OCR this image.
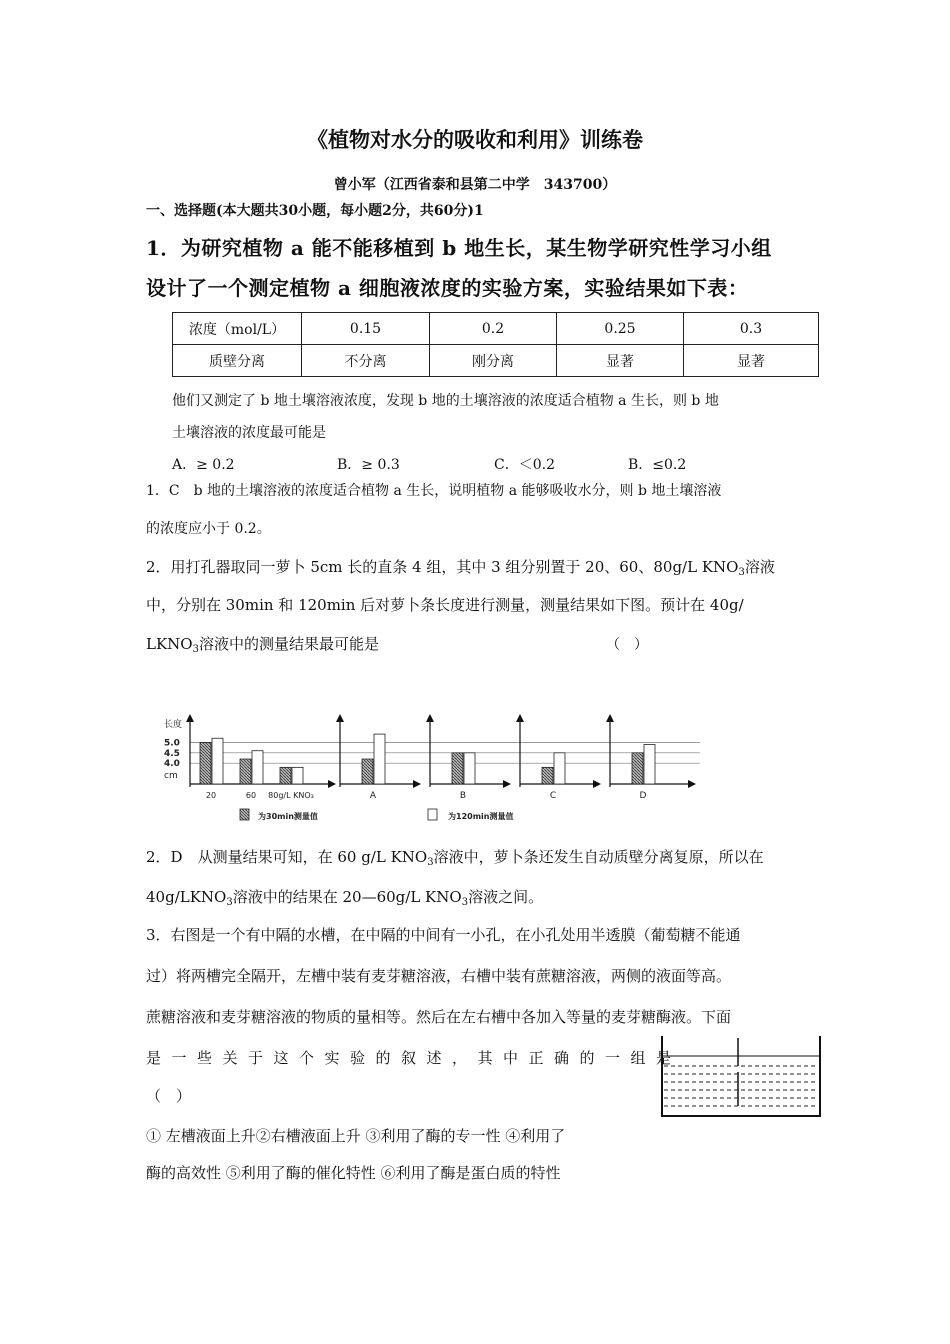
《植物对水分的吸收和利用》训练卷
曾小军（江西省泰和县第二中学　343700）
一、选择题(本大题共30小题，每小题2分，共60分)1
1．为研究植物 a 能不能移植到 b 地生长，某生物学研究性学习小组
设计了一个测定植物 a 细胞液浓度的实验方案，实验结果如下表：
浓度（mol/L）	0.15	0.2	0.25	0.3
质壁分离	不分离	刚分离	显著	显著
他们又测定了 b 地土壤溶液浓度，发现 b 地的土壤溶液的浓度适合植物 a 生长，则 b 地
土壤溶液的浓度最可能是
A．≥ 0.2	B．≥ 0.3	C．＜0.2	B．≤0.2
1．C　b 地的土壤溶液的浓度适合植物 a 生长，说明植物 a 能够吸收水分，则 b 地土壤溶液
的浓度应小于 0.2。
2．用打孔器取同一萝卜 5cm 长的直条 4 组，其中 3 组分别置于 20、60、80g/L $KNO_3$溶液
中，分别在 30min 和 120min 后对萝卜条长度进行测量，测量结果如下图。预计在 40g/
$LKNO_3$溶液中的测量结果最可能是	（　）
长度
5.0
4.5
4.0
cm
20	60 80g/L KNO₃	A	B	C	D
为30min测量值	为120min测量值
2．D　从测量结果可知，在 60 g/L $KNO_3$溶液中，萝卜条还发生自动质壁分离复原，所以在
$40g/LKNO_3$溶液中的结果在 20—60g/L $KNO_3$溶液之间。
3．右图是一个有中隔的水槽，在中隔的中间有一小孔，在小孔处用半透膜（葡萄糖不能通
过）将两槽完全隔开，左槽中装有麦芽糖溶液，右槽中装有蔗糖溶液，两侧的液面等高。
蔗糖溶液和麦芽糖溶液的物质的量相等。然后在左右槽中各加入等量的麦芽糖酶液。下面
是一些关于这个实验的叙述，其中正确的一组是
（　）
① 左槽液面上升②右槽液面上升 ③利用了酶的专一性 ④利用了
酶的高效性 ⑤利用了酶的催化特性 ⑥利用了酶是蛋白质的特性
